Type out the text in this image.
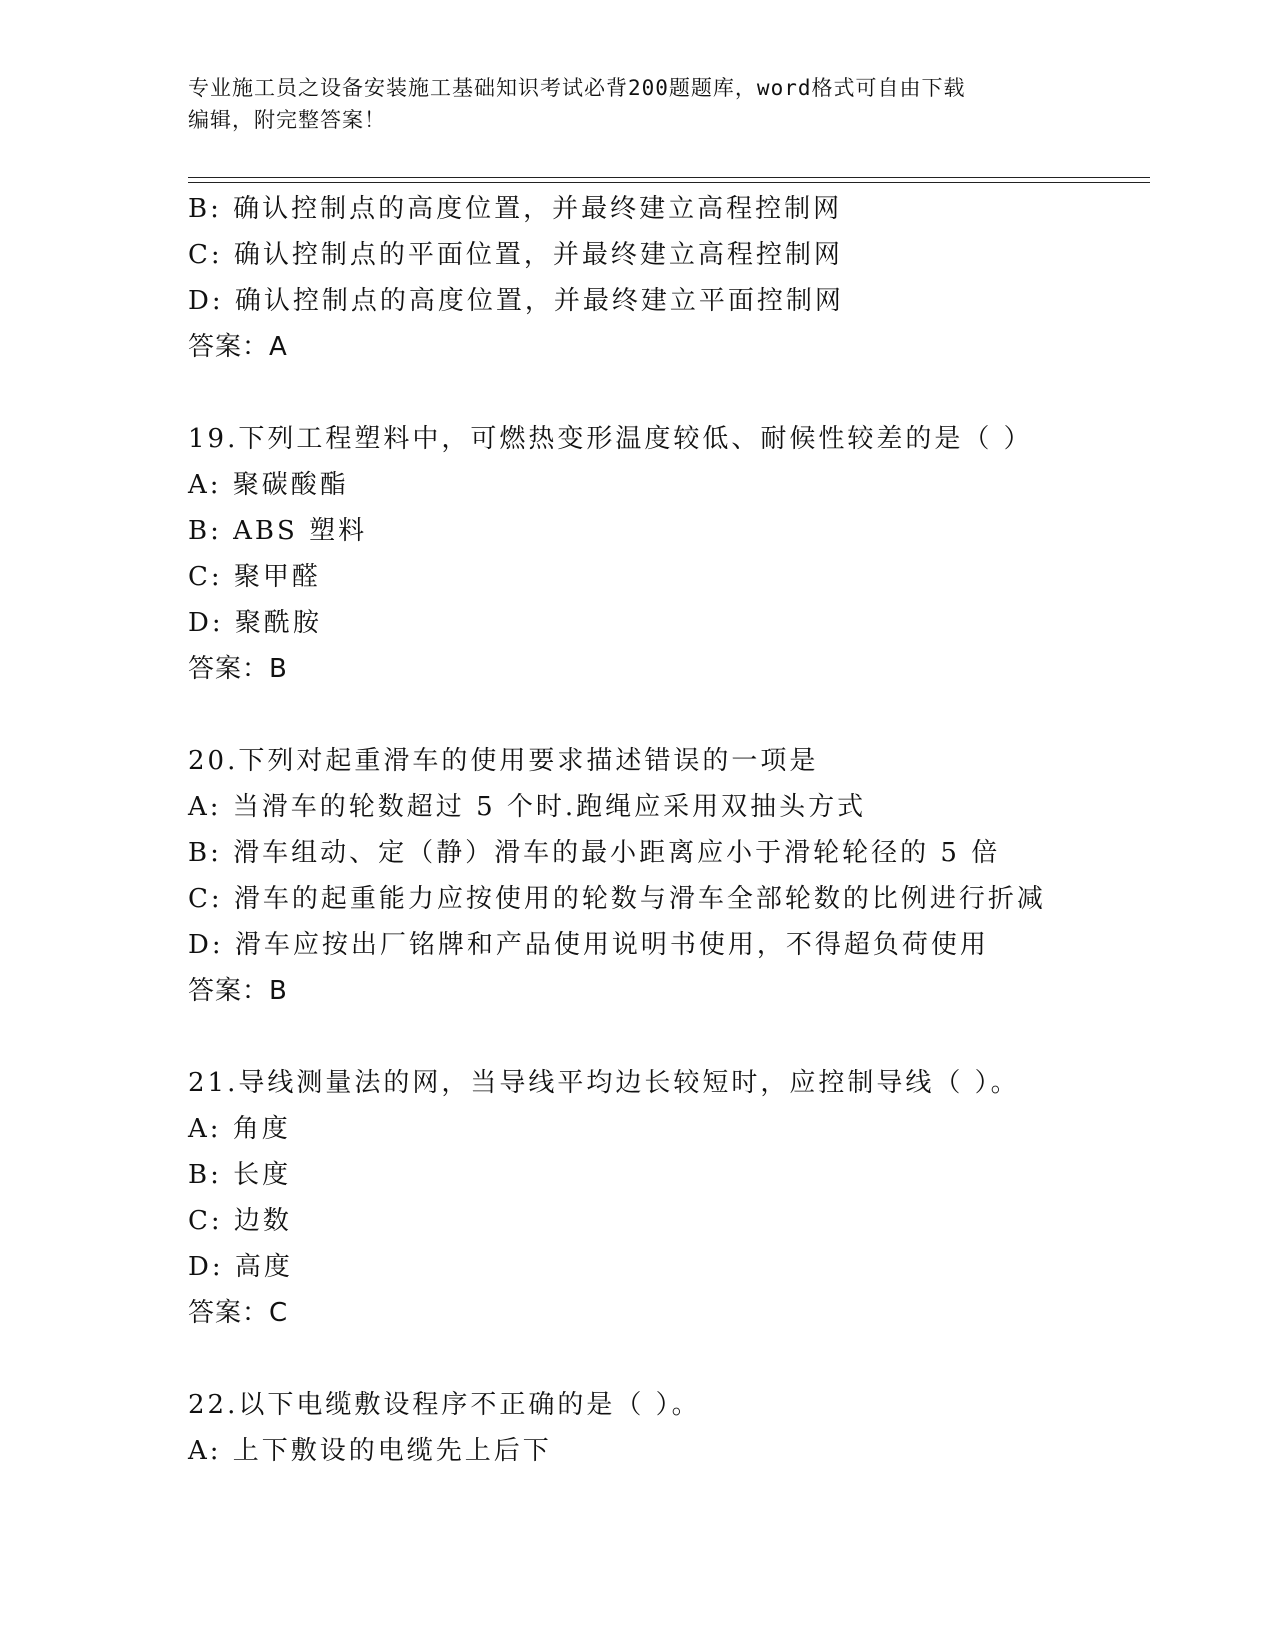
专业施工员之设备安装施工基础知识考试必背200题题库，word格式可自由下载
编辑，附完整答案！
B: 确认控制点的高度位置，并最终建立高程控制网
C: 确认控制点的平面位置，并最终建立高程控制网
D: 确认控制点的高度位置，并最终建立平面控制网
答案：A
19.下列工程塑料中，可燃热变形温度较低、耐候性较差的是（ ）
A: 聚碳酸酯
B: ABS 塑料
C: 聚甲醛
D: 聚酰胺
答案：B
20.下列对起重滑车的使用要求描述错误的一项是
A: 当滑车的轮数超过 5 个时.跑绳应采用双抽头方式
B: 滑车组动、定（静）滑车的最小距离应小于滑轮轮径的 5 倍
C: 滑车的起重能力应按使用的轮数与滑车全部轮数的比例进行折减
D: 滑车应按出厂铭牌和产品使用说明书使用，不得超负荷使用
答案：B
21.导线测量法的网，当导线平均边长较短时，应控制导线（ ）。
A: 角度
B: 长度
C: 边数
D: 高度
答案：C
22.以下电缆敷设程序不正确的是（ ）。
A: 上下敷设的电缆先上后下
